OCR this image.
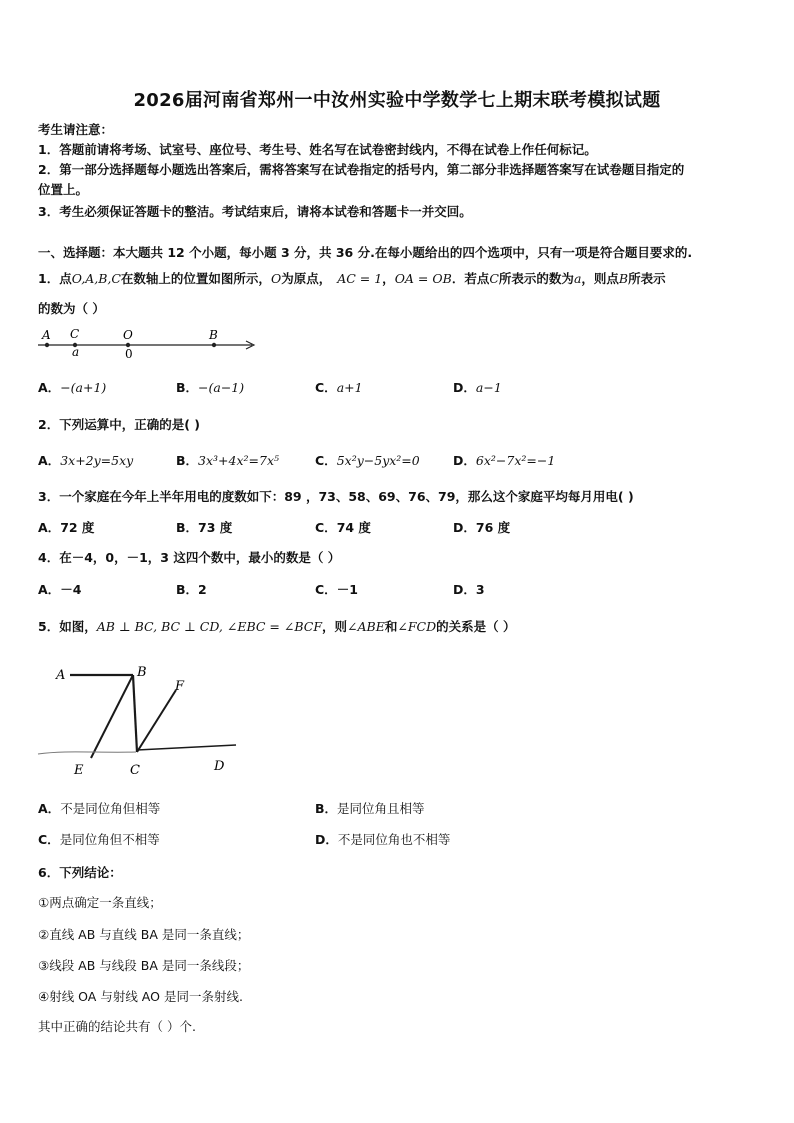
2026届河南省郑州一中汝州实验中学数学七上期末联考模拟试题
考生请注意：
1．答题前请将考场、试室号、座位号、考生号、姓名写在试卷密封线内，不得在试卷上作任何标记。
2．第一部分选择题每小题选出答案后，需将答案写在试卷指定的括号内，第二部分非选择题答案写在试卷题目指定的
位置上。
3．考生必须保证答题卡的整洁。考试结束后，请将本试卷和答题卡一并交回。
一、选择题：本大题共 12 个小题，每小题 3 分，共 36 分.在每小题给出的四个选项中，只有一项是符合题目要求的.
1．点O,A,B,C在数轴上的位置如图所示，O为原点， AC = 1，OA = OB．若点C所表示的数为a，则点B所表示
的数为（ ）
A C	O	B
a	0
A．−(a+1)	B．−(a−1)	C．a+1	D．a−1
2．下列运算中，正确的是( )
A．3x+2y=5xy	B．3x³+4x²=7x⁵	C．5x²y−5yx²=0	D．6x²−7x²=−1
3．一个家庭在今年上半年用电的度数如下：89 ，73、58、69、76、79，那么这个家庭平均每月用电( )
A．72 度	B．73 度	C．74 度	D．76 度
4．在－4，0，－1，3 这四个数中，最小的数是（ ）
A．－4	B．2	C．－1	D．3
5．如图，AB ⊥ BC, BC ⊥ CD, ∠EBC = ∠BCF，则∠ABE和∠FCD的关系是（ ）
A	B
F
E	C	D
A．不是同位角但相等	B．是同位角且相等
C．是同位角但不相等	D．不是同位角也不相等
6．下列结论：
①两点确定一条直线；
②直线 AB 与直线 BA 是同一条直线；
③线段 AB 与线段 BA 是同一条线段；
④射线 OA 与射线 AO 是同一条射线.
其中正确的结论共有（ ）个.
